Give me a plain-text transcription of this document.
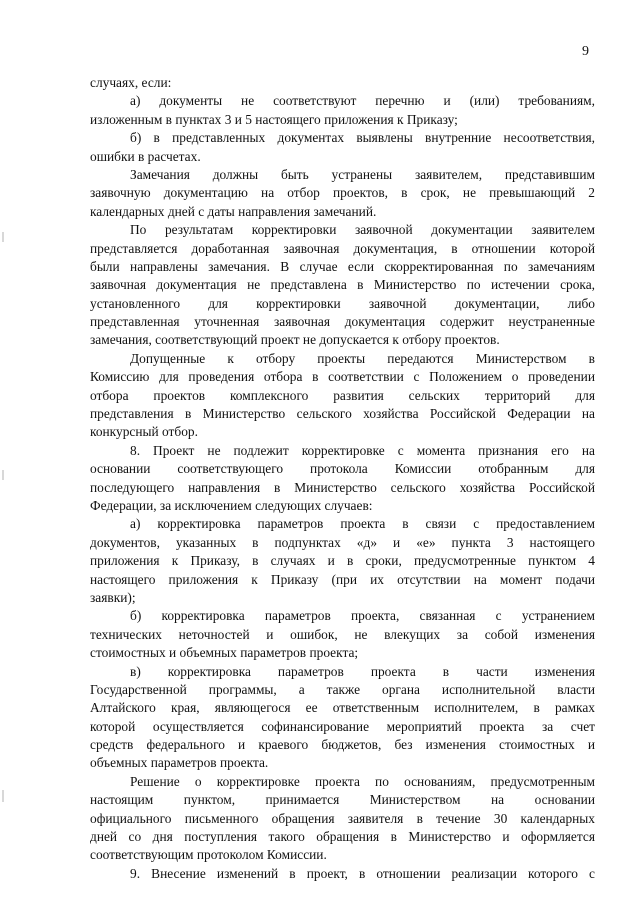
9
случаях, если:
а) документы не соответствуют перечню и (или) требованиям,
изложенным в пунктах 3 и 5 настоящего приложения к Приказу;
б) в представленных документах выявлены внутренние несоответствия,
ошибки в расчетах.
Замечания должны быть устранены заявителем, представившим
заявочную документацию на отбор проектов, в срок, не превышающий 2
календарных дней с даты направления замечаний.
По результатам корректировки заявочной документации заявителем
представляется доработанная заявочная документация, в отношении которой
были направлены замечания. В случае если скорректированная по замечаниям
заявочная документация не представлена в Министерство по истечении срока,
установленного для корректировки заявочной документации, либо
представленная уточненная заявочная документация содержит неустраненные
замечания, соответствующий проект не допускается к отбору проектов.
Допущенные к отбору проекты передаются Министерством в
Комиссию для проведения отбора в соответствии с Положением о проведении
отбора проектов комплексного развития сельских территорий для
представления в Министерство сельского хозяйства Российской Федерации на
конкурсный отбор.
8. Проект не подлежит корректировке с момента признания его на
основании соответствующего протокола Комиссии отобранным для
последующего направления в Министерство сельского хозяйства Российской
Федерации, за исключением следующих случаев:
а) корректировка параметров проекта в связи с предоставлением
документов, указанных в подпунктах «д» и «е» пункта 3 настоящего
приложения к Приказу, в случаях и в сроки, предусмотренные пунктом 4
настоящего приложения к Приказу (при их отсутствии на момент подачи
заявки);
б) корректировка параметров проекта, связанная с устранением
технических неточностей и ошибок, не влекущих за собой изменения
стоимостных и объемных параметров проекта;
в) корректировка параметров проекта в части изменения
Государственной программы, а также органа исполнительной власти
Алтайского края, являющегося ее ответственным исполнителем, в рамках
которой осуществляется софинансирование мероприятий проекта за счет
средств федерального и краевого бюджетов, без изменения стоимостных и
объемных параметров проекта.
Решение о корректировке проекта по основаниям, предусмотренным
настоящим пунктом, принимается Министерством на основании
официального письменного обращения заявителя в течение 30 календарных
дней со дня поступления такого обращения в Министерство и оформляется
соответствующим протоколом Комиссии.
9. Внесение изменений в проект, в отношении реализации которого с
